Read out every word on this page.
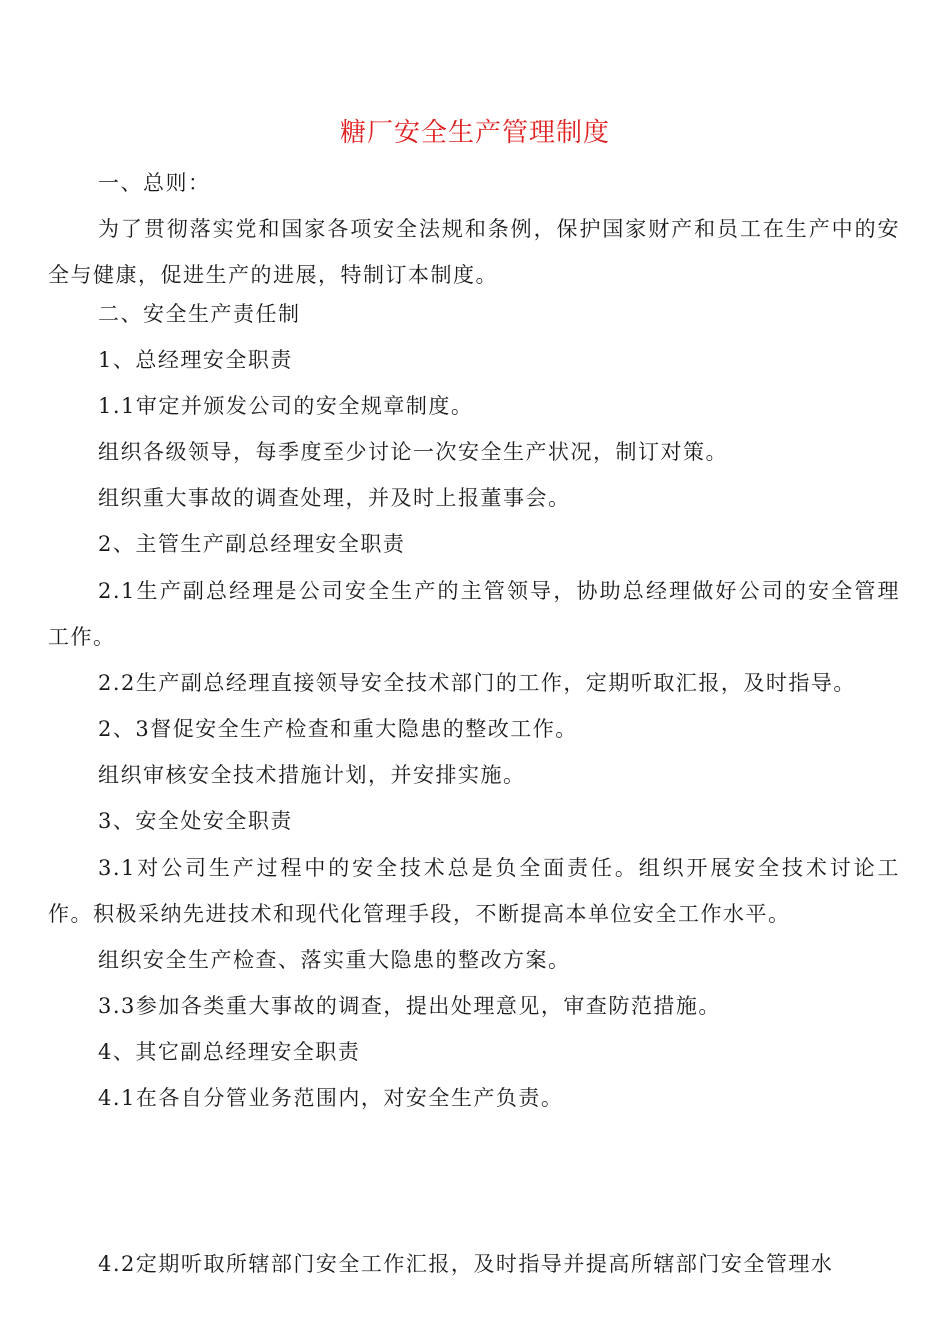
糖厂安全生产管理制度

一、总则：

为了贯彻落实党和国家各项安全法规和条例，保护国家财产和员工在生产中的安全与健康，促进生产的进展，特制订本制度。

二、安全生产责任制

1、总经理安全职责

1.1审定并颁发公司的安全规章制度。

组织各级领导，每季度至少讨论一次安全生产状况，制订对策。

组织重大事故的调查处理，并及时上报董事会。

2、主管生产副总经理安全职责

2.1生产副总经理是公司安全生产的主管领导，协助总经理做好公司的安全管理工作。

2.2生产副总经理直接领导安全技术部门的工作，定期听取汇报，及时指导。

2、3督促安全生产检查和重大隐患的整改工作。

组织审核安全技术措施计划，并安排实施。

3、安全处安全职责

3.1对公司生产过程中的安全技术总是负全面责任。组织开展安全技术讨论工作。积极采纳先进技术和现代化管理手段，不断提高本单位安全工作水平。

组织安全生产检查、落实重大隐患的整改方案。

3.3参加各类重大事故的调查，提出处理意见，审查防范措施。

4、其它副总经理安全职责

4.1在各自分管业务范围内，对安全生产负责。

4.2定期听取所辖部门安全工作汇报，及时指导并提高所辖部门安全管理水
